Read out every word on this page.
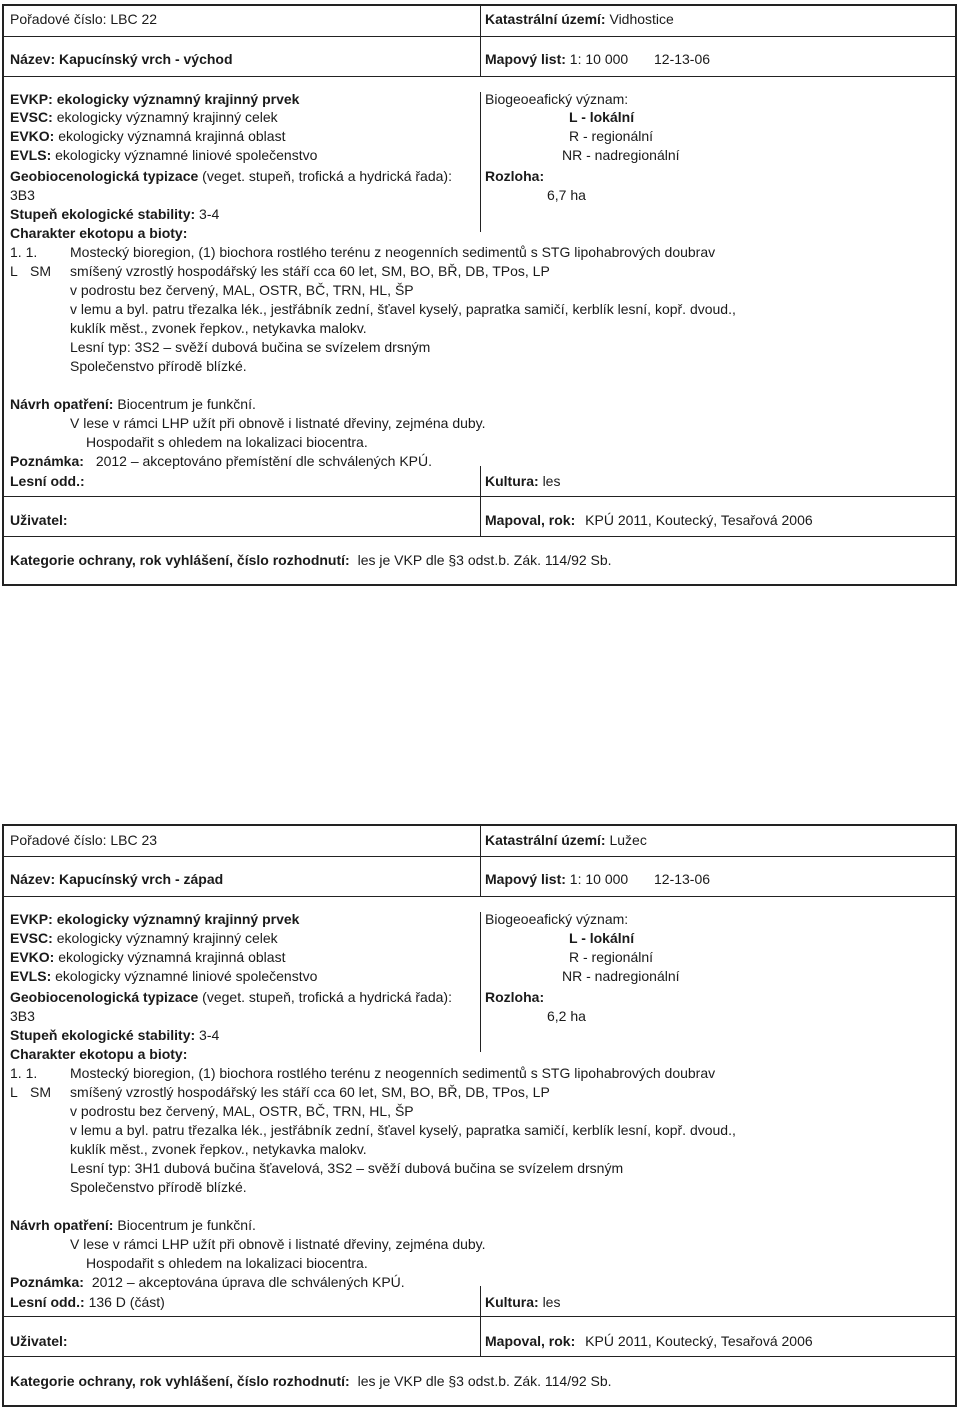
Pořadové číslo: LBC 22	Katastrální území: Vidhostice
Název: Kapucínský vrch - východ	Mapový list: 1: 10 000 12-13-06
EVKP: ekologicky významný krajinný prvek
EVSC: ekologicky významný krajinný celek
EVKO: ekologicky významná krajinná oblast
EVLS: ekologicky významné liniové společenstvo
Biogeoeafický význam:
L - lokální
R - regionální
NR - nadregionální
Geobiocenologická typizace (veget. stupeň, trofická a hydrická řada):
3B3
Rozloha:
6,7 ha
Stupeň ekologické stability: 3-4
Charakter ekotopu a bioty:
1. 1. Mostecký bioregion, (1) biochora rostlého terénu z neogenních sedimentů s STG lipohabrových doubrav
L SM smíšený vzrostlý hospodářský les stáří cca 60 let, SM, BO, BŘ, DB, TPos, LP
v podrostu bez červený, MAL, OSTR, BČ, TRN, HL, ŠP
v lemu a byl. patru třezalka lék., jestřábník zední, šťavel kyselý, papratka samičí, kerblík lesní, kopř. dvoud.,
kuklík měst., zvonek řepkov., netykavka malokv.
Lesní typ: 3S2 – svěží dubová bučina se svízelem drsným
Společenstvo přírodě blízké.
Návrh opatření: Biocentrum je funkční.
V lese v rámci LHP užít při obnově i listnaté dřeviny, zejména duby.
Hospodařit s ohledem na lokalizaci biocentra.
Poznámka: 2012 – akceptováno přemístění dle schválených KPÚ.
Lesní odd.:	Kultura: les
Uživatel:	Mapoval, rok: KPÚ 2011, Koutecký, Tesařová 2006
Kategorie ochrany, rok vyhlášení, číslo rozhodnutí: les je VKP dle §3 odst.b. Zák. 114/92 Sb.
Pořadové číslo: LBC 23	Katastrální území: Lužec
Název: Kapucínský vrch - západ	Mapový list: 1: 10 000 12-13-06
EVKP: ekologicky významný krajinný prvek
EVSC: ekologicky významný krajinný celek
EVKO: ekologicky významná krajinná oblast
EVLS: ekologicky významné liniové společenstvo
Biogeoeafický význam:
L - lokální
R - regionální
NR - nadregionální
Geobiocenologická typizace (veget. stupeň, trofická a hydrická řada):
3B3
Rozloha:
6,2 ha
Stupeň ekologické stability: 3-4
Charakter ekotopu a bioty:
1. 1. Mostecký bioregion, (1) biochora rostlého terénu z neogenních sedimentů s STG lipohabrových doubrav
L SM smíšený vzrostlý hospodářský les stáří cca 60 let, SM, BO, BŘ, DB, TPos, LP
v podrostu bez červený, MAL, OSTR, BČ, TRN, HL, ŠP
v lemu a byl. patru třezalka lék., jestřábník zední, šťavel kyselý, papratka samičí, kerblík lesní, kopř. dvoud.,
kuklík měst., zvonek řepkov., netykavka malokv.
Lesní typ: 3H1 dubová bučina šťavelová, 3S2 – svěží dubová bučina se svízelem drsným
Společenstvo přírodě blízké.
Návrh opatření: Biocentrum je funkční.
V lese v rámci LHP užít při obnově i listnaté dřeviny, zejména duby.
Hospodařit s ohledem na lokalizaci biocentra.
Poznámka: 2012 – akceptována úprava dle schválených KPÚ.
Lesní odd.: 136 D (část)	Kultura: les
Uživatel:	Mapoval, rok: KPÚ 2011, Koutecký, Tesařová 2006
Kategorie ochrany, rok vyhlášení, číslo rozhodnutí: les je VKP dle §3 odst.b. Zák. 114/92 Sb.
